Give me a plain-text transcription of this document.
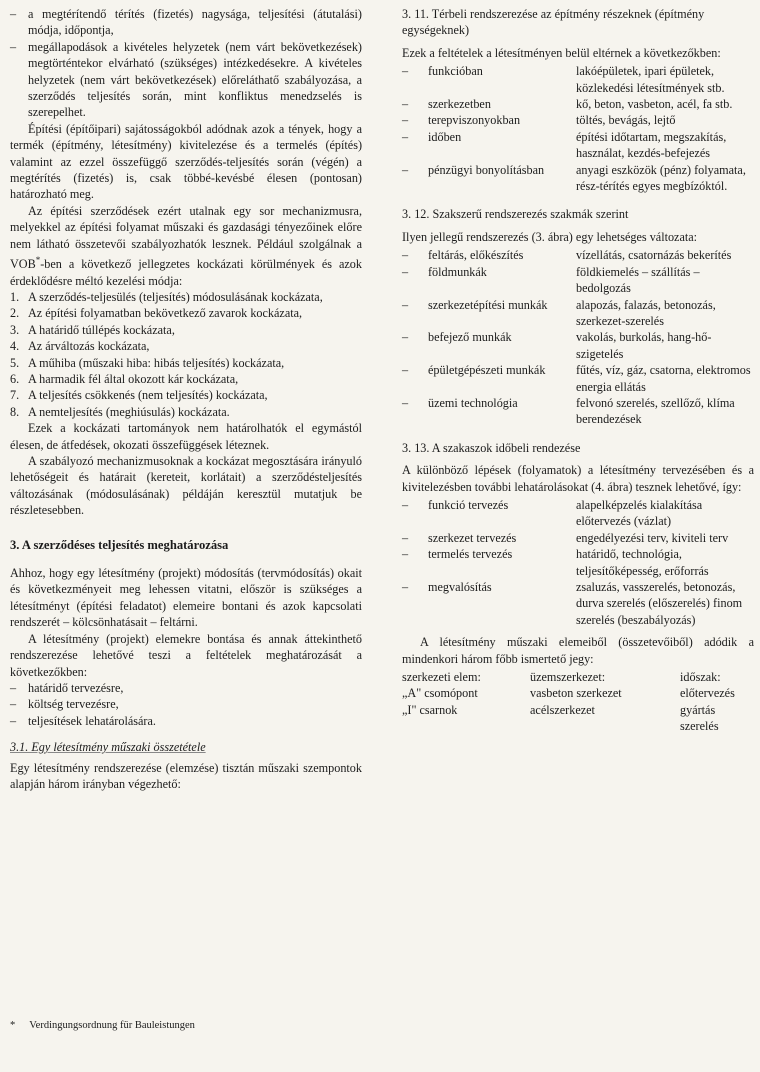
– a megtérítendő térítés (fizetés) nagysága, teljesítési (átutalási) módja, időpontja,
– megállapodások a kivételes helyzetek (nem várt bekövetkezések) megtörténtekor elvárható (szükséges) intézkedésekre. A kivételes helyzetek (nem várt bekövetkezések) előreláthatő szabályozása, a szerződés teljesítés során, mint konfliktus menedzselés is szerepelhet.

Építési (építőipari) sajátosságokból adódnak azok a tények, hogy a termék (építmény, létesítmény) kivitelezése és a termelés (építés) valamint az ezzel összefüggő szerződés-teljesítés során (végén) a megtérítés (fizetés) is, csak többé-kevésbé élesen (pontosan) határozható meg.

Az építési szerződések ezért utalnak egy sor mechanizmusra, melyekkel az építési folyamat műszaki és gazdasági tényezőinek előre nem látható összetevői szabályozhatók lesznek. Például szolgálnak a VOB*-ben a következő jellegzetes kockázati körülmények és azok érdeklődésre méltó kezelési módja:

1. A szerződés-teljesülés (teljesítés) módosulásának kockázata,
2. Az építési folyamatban bekövetkező zavarok kockázata,
3. A határidő túllépés kockázata,
4. Az árváltozás kockázata,
5. A műhiba (műszaki hiba: hibás teljesítés) kockázata,
6. A harmadik fél által okozott kár kockázata,
7. A teljesítés csökkenés (nem teljesítés) kockázata,
8. A nemteljesítés (meghiúsulás) kockázata.

Ezek a kockázati tartományok nem határolhatók el egymástól élesen, de átfedések, okozati összefüggések léteznek.

A szabályozó mechanizmusoknak a kockázat megosztására irányuló lehetőségeit és határait (kereteit, korlátait) a szerződésteljesítés változásának (módosulásának) példáján keresztül mutatjuk be részletesebben.

3. A szerződéses teljesítés meghatározása

Ahhoz, hogy egy létesítmény (projekt) módosítás (tervmódosítás) okait és következményeit meg lehessen vitatni, először is szükséges a létesítményt (építési feladatot) elemeire bontani és azok kapcsolati rendszerét – kölcsönhatásait – feltárni.

A létesítmény (projekt) elemekre bontása és annak áttekinthető rendszerezése lehetővé teszi a feltételek meghatározását a következőkben:

– határidő tervezésre,
– költség tervezésre,
– teljesítések lehatárolására.
3.1. Egy létesítmény műszaki összetétele

Egy létesítmény rendszerezése (elemzése) tisztán műszaki szempontok alapján három irányban végezhető:

* Verdingungsordnung für Bauleistungen
3. 11. Térbeli rendszerezése az építmény részeknek (építmény egységeknek)

Ezek a feltételek a létesítményen belül eltérnek a következőkben:

–	funkcióban	lakóépületek, ipari épületek, közlekedési létesítmények stb.
–	szerkezetben	kő, beton, vasbeton, acél, fa stb.
–	terepviszonyokban	töltés, bevágás, lejtő
–	időben	építési időtartam, megszakítás, használat, kezdés-befejezés
–	pénzügyi bonyolításban	anyagi eszközök (pénz) folyamata, rész-térítés egyes megbízóktól.
3. 12. Szakszerű rendszerezés szakmák szerint

Ilyen jellegű rendszerezés (3. ábra) egy lehetséges változata:

–	feltárás, előkészítés	vízellátás, csatornázás bekerítés
–	földmunkák	földkiemelés – szállítás – bedolgozás
–	szerkezetépítési munkák	alapozás, falazás, betonozás, szerkezet-szerelés
–	befejező munkák	vakolás, burkolás, hang-hő- szigetelés
–	épületgépészeti munkák	fűtés, víz, gáz, csatorna, elektromos energia ellátás
–	üzemi technológia	felvonó szerelés, szellőző, klíma berendezések
3. 13. A szakaszok időbeli rendezése

A különböző lépések (folyamatok) a létesítmény tervezésében és a kivitelezésben további lehatárolásokat (4. ábra) tesznek lehetővé, így:

–	funkció tervezés	alapelképzelés kialakítása előtervezés (vázlat)
–	szerkezet tervezés	engedélyezési terv, kiviteli terv
–	termelés tervezés	határidő, technológia, teljesítőképesség, erőforrás
–	megvalósítás	zsaluzás, vasszerelés, betonozás, durva szerelés (előszerelés) finom szerelés (beszabályozás)

A létesítmény műszaki elemeiből (összetevőiből) adódik a mindenkori három főbb ismertető jegy:

szerkezeti elem:	üzemszerkezet:	időszak:
„A" csomópont	vasbeton szerkezet	előtervezés
„I" csarnok	acélszerkezet	gyártás szerelés
